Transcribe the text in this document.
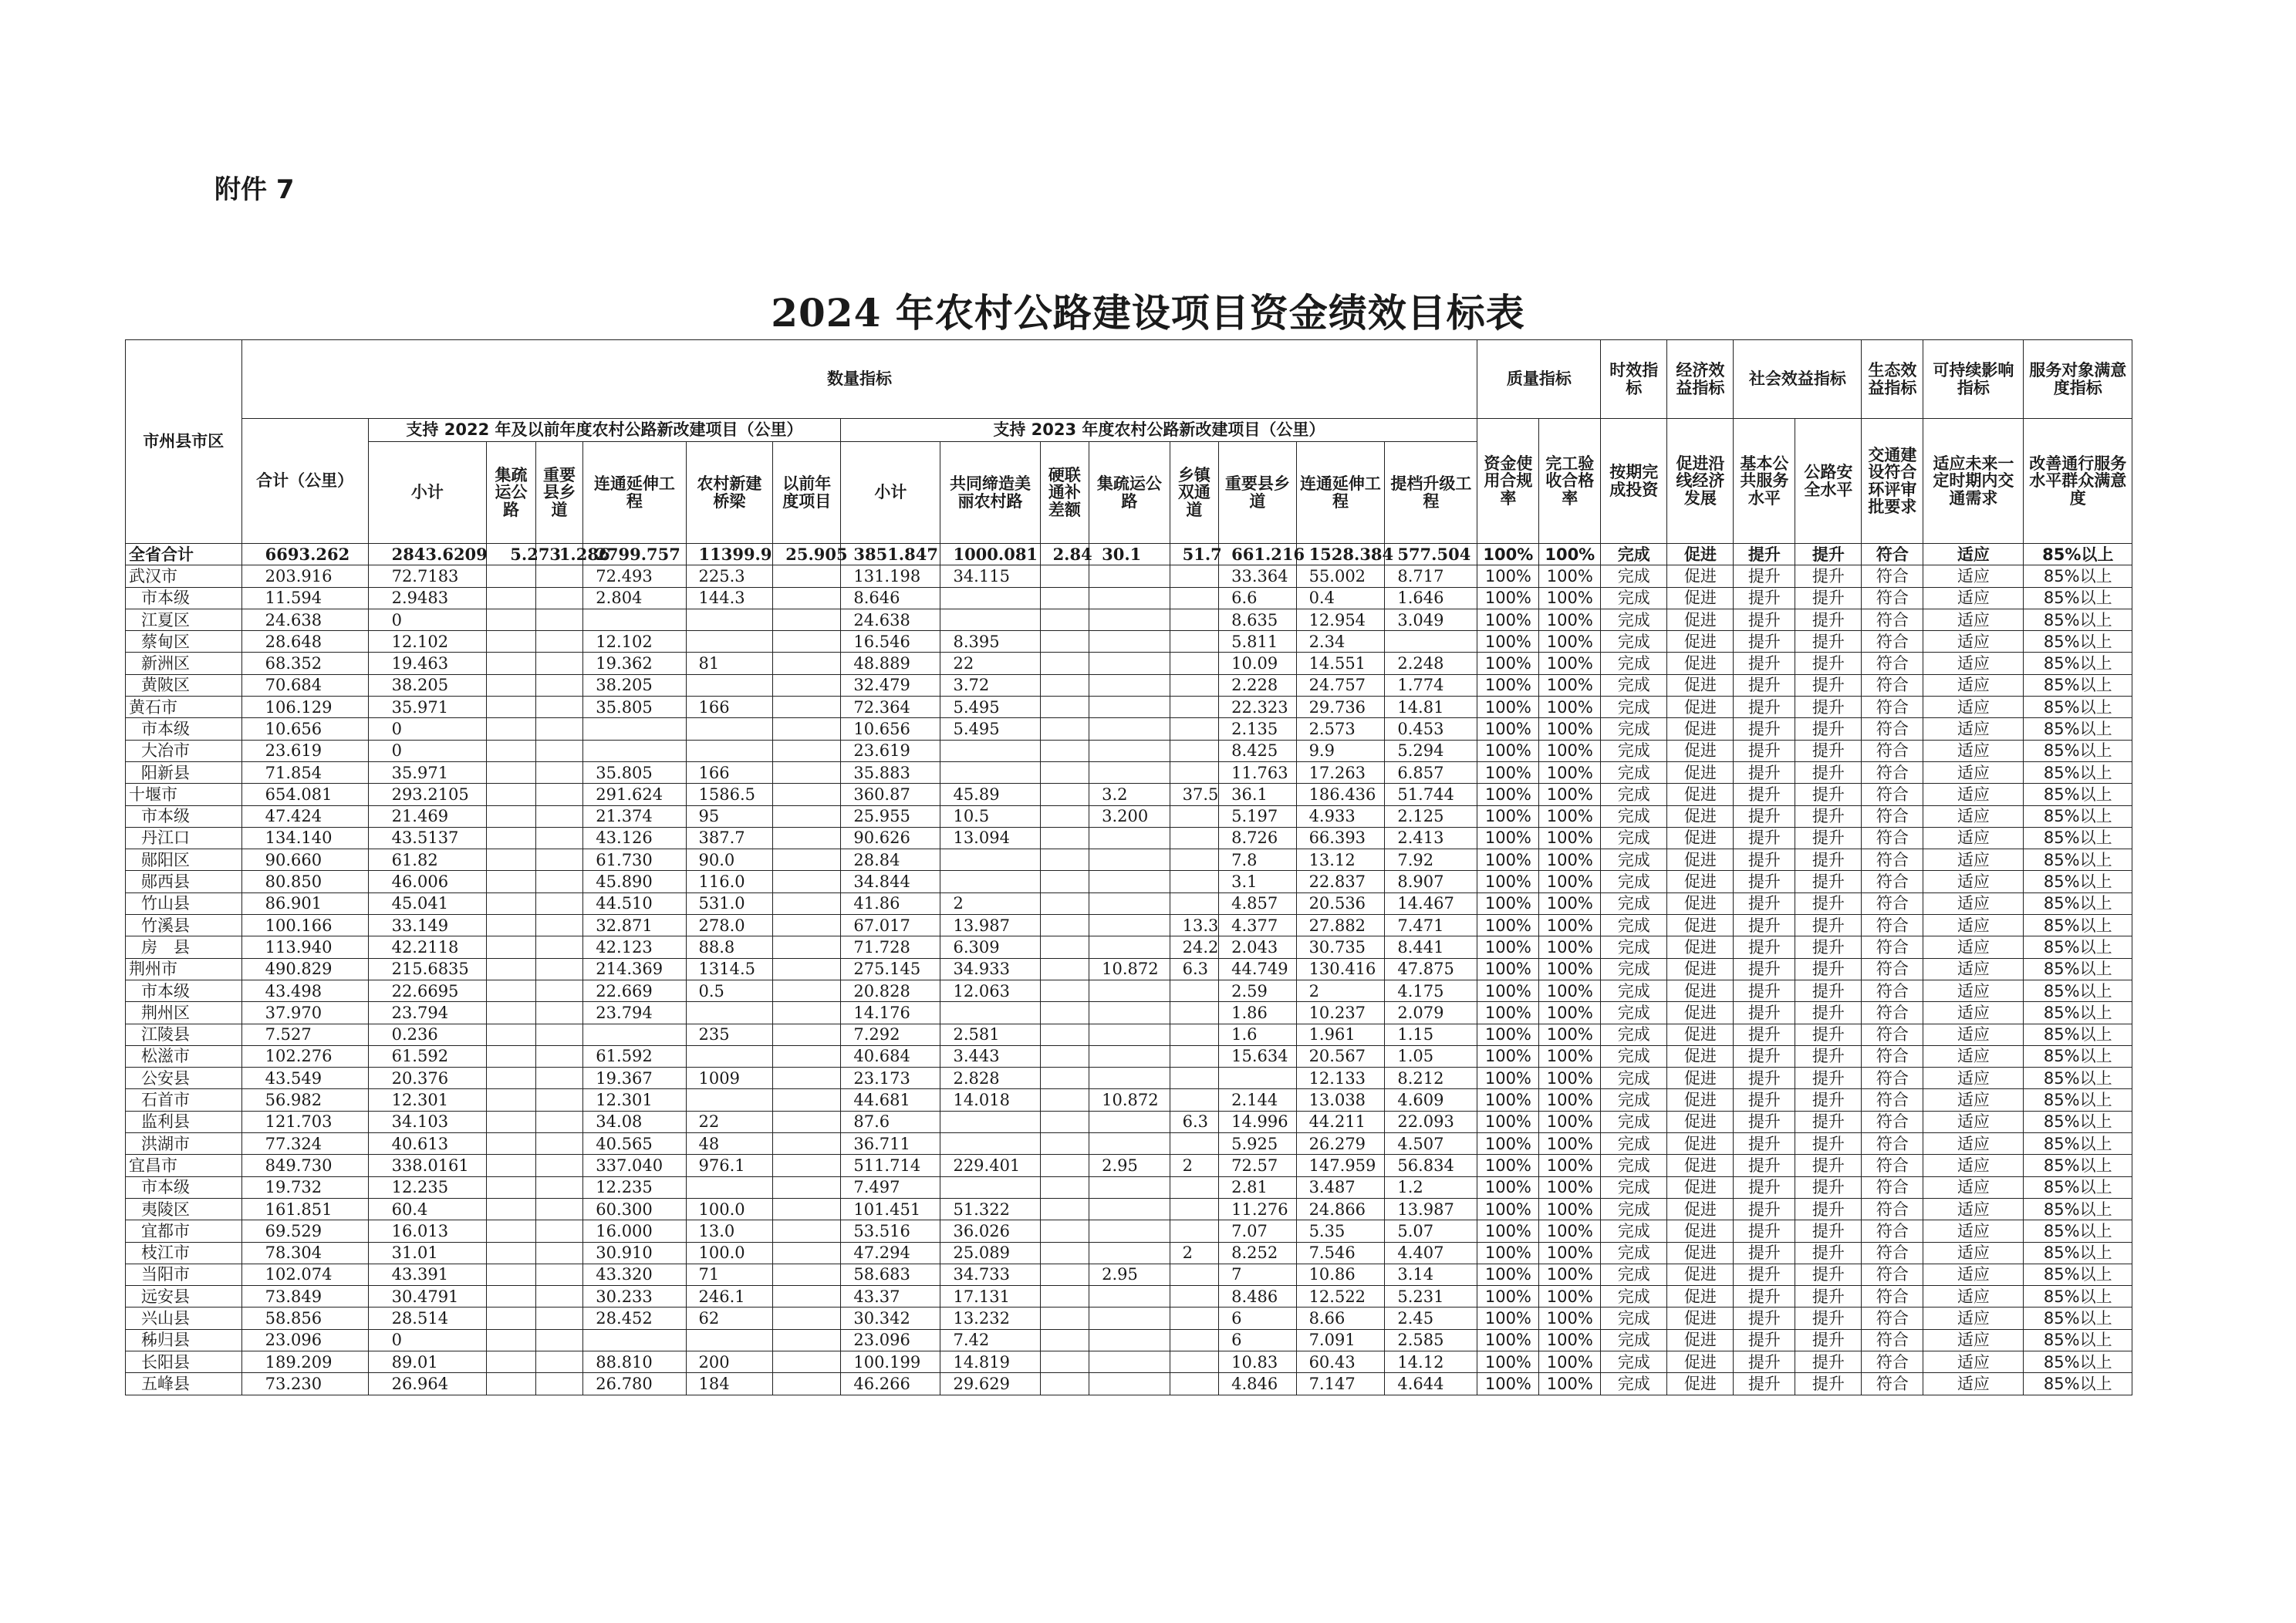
附件 7
2024 年农村公路建设项目资金绩效目标表
市州县市区	数量指标															质量指标		时效指标	经济效益指标	社会效益指标		生态效益指标	可持续影响指标	服务对象满意度指标
	合计（公里）	支持 2022 年及以前年度农村公路新改建项目（公里）						支持 2023 年度农村公路新改建项目（公里）								资金使用合规率	完工验收合格率	按期完成投资	促进沿线经济发展	基本公共服务水平	公路安全水平	交通建设符合环评审批要求	适应未来一定时期内交通需求	改善通行服务水平群众满意度
		小计	集疏运公路	重要县乡道	连通延伸工程	农村新建桥梁	以前年度项目	小计	共同缔造美丽农村路	硬联通补差额	集疏运公路	乡镇双通道	重要县乡道	连通延伸工程	提档升级工程									
全省合计	6693.262	2843.6209	5.273	1.286	2799.757	11399.9	25.905	3851.847	1000.081	2.84	30.1	51.7	661.216	1528.384	577.504	100%	100%	完成	促进	提升	提升	符合	适应	85%以上
武汉市	203.916	72.7183			72.493	225.3		131.198	34.115				33.364	55.002	8.717	100%	100%	完成	促进	提升	提升	符合	适应	85%以上
市本级	11.594	2.9483			2.804	144.3		8.646					6.6	0.4	1.646	100%	100%	完成	促进	提升	提升	符合	适应	85%以上
江夏区	24.638	0						24.638					8.635	12.954	3.049	100%	100%	完成	促进	提升	提升	符合	适应	85%以上
蔡甸区	28.648	12.102			12.102			16.546	8.395				5.811	2.34		100%	100%	完成	促进	提升	提升	符合	适应	85%以上
新洲区	68.352	19.463			19.362	81		48.889	22				10.09	14.551	2.248	100%	100%	完成	促进	提升	提升	符合	适应	85%以上
黄陂区	70.684	38.205			38.205			32.479	3.72				2.228	24.757	1.774	100%	100%	完成	促进	提升	提升	符合	适应	85%以上
黄石市	106.129	35.971			35.805	166		72.364	5.495				22.323	29.736	14.81	100%	100%	完成	促进	提升	提升	符合	适应	85%以上
市本级	10.656	0						10.656	5.495				2.135	2.573	0.453	100%	100%	完成	促进	提升	提升	符合	适应	85%以上
大冶市	23.619	0						23.619					8.425	9.9	5.294	100%	100%	完成	促进	提升	提升	符合	适应	85%以上
阳新县	71.854	35.971			35.805	166		35.883					11.763	17.263	6.857	100%	100%	完成	促进	提升	提升	符合	适应	85%以上
十堰市	654.081	293.2105			291.624	1586.5		360.87	45.89		3.2	37.5	36.1	186.436	51.744	100%	100%	完成	促进	提升	提升	符合	适应	85%以上
市本级	47.424	21.469			21.374	95		25.955	10.5		3.200		5.197	4.933	2.125	100%	100%	完成	促进	提升	提升	符合	适应	85%以上
丹江口	134.140	43.5137			43.126	387.7		90.626	13.094				8.726	66.393	2.413	100%	100%	完成	促进	提升	提升	符合	适应	85%以上
郧阳区	90.660	61.82			61.730	90.0		28.84					7.8	13.12	7.92	100%	100%	完成	促进	提升	提升	符合	适应	85%以上
郧西县	80.850	46.006			45.890	116.0		34.844					3.1	22.837	8.907	100%	100%	完成	促进	提升	提升	符合	适应	85%以上
竹山县	86.901	45.041			44.510	531.0		41.86	2				4.857	20.536	14.467	100%	100%	完成	促进	提升	提升	符合	适应	85%以上
竹溪县	100.166	33.149			32.871	278.0		67.017	13.987			13.3	4.377	27.882	7.471	100%	100%	完成	促进	提升	提升	符合	适应	85%以上
房　县	113.940	42.2118			42.123	88.8		71.728	6.309			24.2	2.043	30.735	8.441	100%	100%	完成	促进	提升	提升	符合	适应	85%以上
荆州市	490.829	215.6835			214.369	1314.5		275.145	34.933		10.872	6.3	44.749	130.416	47.875	100%	100%	完成	促进	提升	提升	符合	适应	85%以上
市本级	43.498	22.6695			22.669	0.5		20.828	12.063				2.59	2	4.175	100%	100%	完成	促进	提升	提升	符合	适应	85%以上
荆州区	37.970	23.794			23.794			14.176					1.86	10.237	2.079	100%	100%	完成	促进	提升	提升	符合	适应	85%以上
江陵县	7.527	0.236				235		7.292	2.581				1.6	1.961	1.15	100%	100%	完成	促进	提升	提升	符合	适应	85%以上
松滋市	102.276	61.592			61.592			40.684	3.443				15.634	20.567	1.05	100%	100%	完成	促进	提升	提升	符合	适应	85%以上
公安县	43.549	20.376			19.367	1009		23.173	2.828					12.133	8.212	100%	100%	完成	促进	提升	提升	符合	适应	85%以上
石首市	56.982	12.301			12.301			44.681	14.018		10.872		2.144	13.038	4.609	100%	100%	完成	促进	提升	提升	符合	适应	85%以上
监利县	121.703	34.103			34.08	22		87.6				6.3	14.996	44.211	22.093	100%	100%	完成	促进	提升	提升	符合	适应	85%以上
洪湖市	77.324	40.613			40.565	48		36.711					5.925	26.279	4.507	100%	100%	完成	促进	提升	提升	符合	适应	85%以上
宜昌市	849.730	338.0161			337.040	976.1		511.714	229.401		2.95	2	72.57	147.959	56.834	100%	100%	完成	促进	提升	提升	符合	适应	85%以上
市本级	19.732	12.235			12.235			7.497					2.81	3.487	1.2	100%	100%	完成	促进	提升	提升	符合	适应	85%以上
夷陵区	161.851	60.4			60.300	100.0		101.451	51.322				11.276	24.866	13.987	100%	100%	完成	促进	提升	提升	符合	适应	85%以上
宜都市	69.529	16.013			16.000	13.0		53.516	36.026				7.07	5.35	5.07	100%	100%	完成	促进	提升	提升	符合	适应	85%以上
枝江市	78.304	31.01			30.910	100.0		47.294	25.089			2	8.252	7.546	4.407	100%	100%	完成	促进	提升	提升	符合	适应	85%以上
当阳市	102.074	43.391			43.320	71		58.683	34.733		2.95		7	10.86	3.14	100%	100%	完成	促进	提升	提升	符合	适应	85%以上
远安县	73.849	30.4791			30.233	246.1		43.37	17.131				8.486	12.522	5.231	100%	100%	完成	促进	提升	提升	符合	适应	85%以上
兴山县	58.856	28.514			28.452	62		30.342	13.232				6	8.66	2.45	100%	100%	完成	促进	提升	提升	符合	适应	85%以上
秭归县	23.096	0						23.096	7.42				6	7.091	2.585	100%	100%	完成	促进	提升	提升	符合	适应	85%以上
长阳县	189.209	89.01			88.810	200		100.199	14.819				10.83	60.43	14.12	100%	100%	完成	促进	提升	提升	符合	适应	85%以上
五峰县	73.230	26.964			26.780	184		46.266	29.629				4.846	7.147	4.644	100%	100%	完成	促进	提升	提升	符合	适应	85%以上
